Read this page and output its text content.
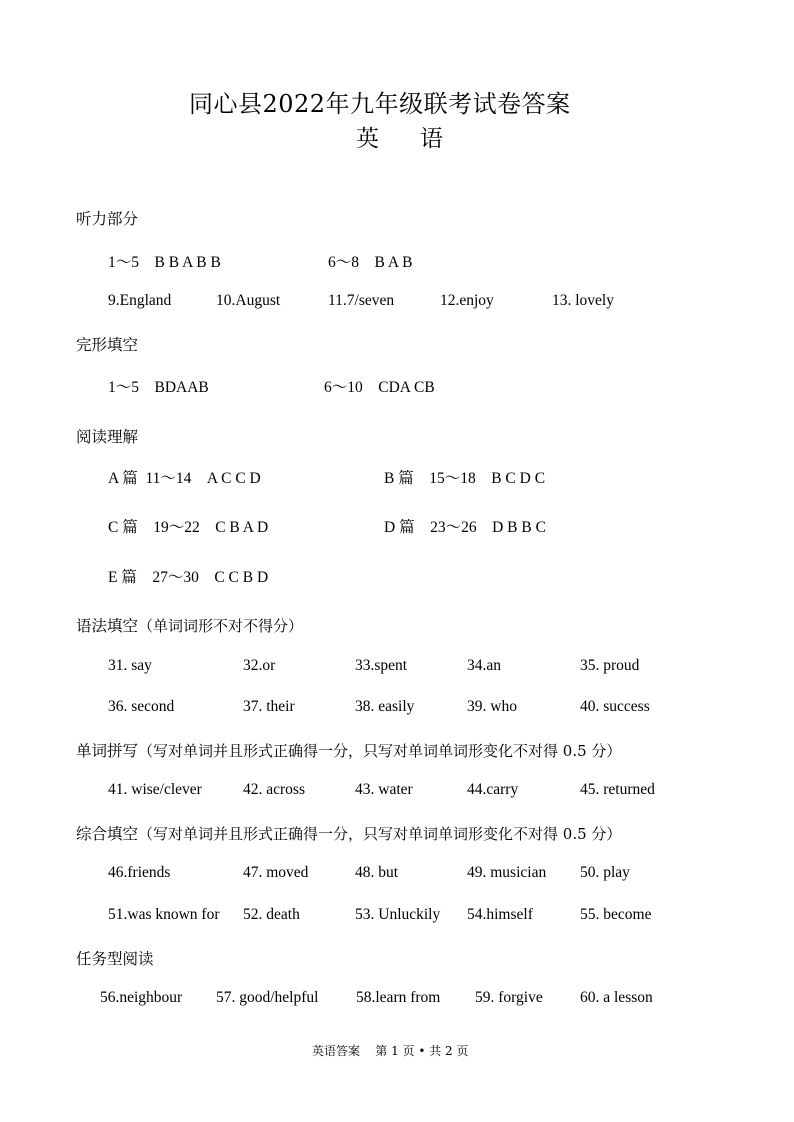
同心县2022年九年级联考试卷答案
英 语
听力部分
1～5    B B A B B	6～8    B A B
9.England	10.August	11.7/seven	12.enjoy	13. lovely
完形填空
1～5    BDAAB	6～10    CDA CB
阅读理解
A 篇  11～14    A C C D	B 篇    15～18    B C D C
C 篇    19～22    C B A D	D 篇    23～26    D B B C
E 篇    27～30    C C B D
语法填空（单词词形不对不得分）
31. say	32.or	33.spent	34.an	35. proud
36. second	37. their	38. easily	39. who	40. success
单词拼写（写对单词并且形式正确得一分，只写对单词单词形变化不对得 0.5 分）
41. wise/clever	42. across	43. water	44.carry	45. returned
综合填空（写对单词并且形式正确得一分，只写对单词单词形变化不对得 0.5 分）
46.friends	47. moved	48. but	49. musician 50. play
51.was known for 52. death	53. Unluckily 54.himself	55. become
任务型阅读
56.neighbour 57. good/helpful 58.learn from 59. forgive 60. a lesson
英语答案    第 1 页 • 共 2 页
